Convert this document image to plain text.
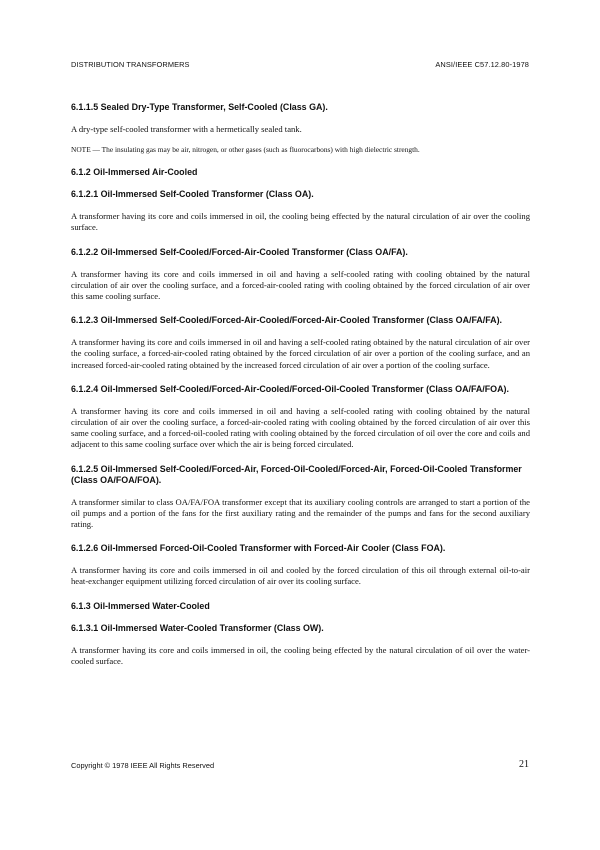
DISTRIBUTION TRANSFORMERS	ANSI/IEEE C57.12.80-1978
6.1.1.5 Sealed Dry-Type Transformer, Self-Cooled (Class GA).
A dry-type self-cooled transformer with a hermetically sealed tank.
NOTE — The insulating gas may be air, nitrogen, or other gases (such as fluorocarbons) with high dielectric strength.
6.1.2 Oil-Immersed Air-Cooled
6.1.2.1 Oil-Immersed Self-Cooled Transformer (Class OA).
A transformer having its core and coils immersed in oil, the cooling being effected by the natural circulation of air over the cooling surface.
6.1.2.2 Oil-Immersed Self-Cooled/Forced-Air-Cooled Transformer (Class OA/FA).
A transformer having its core and coils immersed in oil and having a self-cooled rating with cooling obtained by the natural circulation of air over the cooling surface, and a forced-air-cooled rating with cooling obtained by the forced circulation of air over this same cooling surface.
6.1.2.3 Oil-Immersed Self-Cooled/Forced-Air-Cooled/Forced-Air-Cooled Transformer (Class OA/FA/FA).
A transformer having its core and coils immersed in oil and having a self-cooled rating obtained by the natural circulation of air over the cooling surface, a forced-air-cooled rating obtained by the forced circulation of air over a portion of the cooling surface, and an increased forced-air-cooled rating obtained by the increased forced circulation of air over a portion of the cooling surface.
6.1.2.4 Oil-Immersed Self-Cooled/Forced-Air-Cooled/Forced-Oil-Cooled Transformer (Class OA/FA/FOA).
A transformer having its core and coils immersed in oil and having a self-cooled rating with cooling obtained by the natural circulation of air over the cooling surface, a forced-air-cooled rating with cooling obtained by the forced circulation of air over this same cooling surface, and a forced-oil-cooled rating with cooling obtained by the forced circulation of oil over the core and coils and adjacent to this same cooling surface over which the air is being forced circulated.
6.1.2.5 Oil-Immersed Self-Cooled/Forced-Air, Forced-Oil-Cooled/Forced-Air, Forced-Oil-Cooled Transformer (Class OA/FOA/FOA).
A transformer similar to class OA/FA/FOA transformer except that its auxiliary cooling controls are arranged to start a portion of the oil pumps and a portion of the fans for the first auxiliary rating and the remainder of the pumps and fans for the second auxiliary rating.
6.1.2.6 Oil-Immersed Forced-Oil-Cooled Transformer with Forced-Air Cooler (Class FOA).
A transformer having its core and coils immersed in oil and cooled by the forced circulation of this oil through external oil-to-air heat-exchanger equipment utilizing forced circulation of air over its cooling surface.
6.1.3 Oil-Immersed Water-Cooled
6.1.3.1 Oil-Immersed Water-Cooled Transformer (Class OW).
A transformer having its core and coils immersed in oil, the cooling being effected by the natural circulation of oil over the water-cooled surface.
Copyright © 1978 IEEE All Rights Reserved	21
